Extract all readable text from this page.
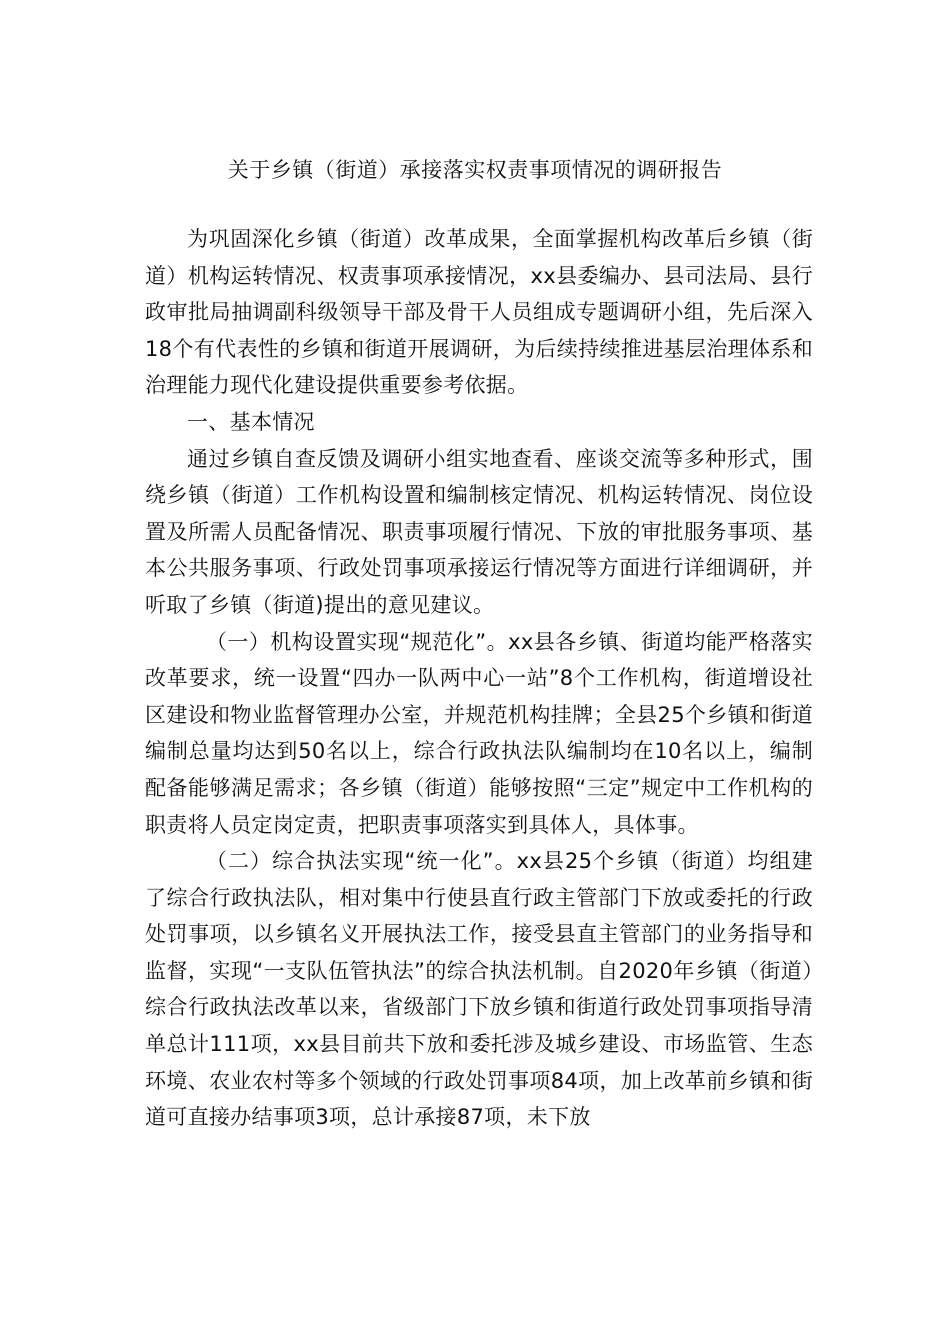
关于乡镇（街道）承接落实权责事项情况的调研报告

为巩固深化乡镇（街道）改革成果，全面掌握机构改革后乡镇（街道）机构运转情况、权责事项承接情况，xx县委编办、县司法局、县行政审批局抽调副科级领导干部及骨干人员组成专题调研小组，先后深入18个有代表性的乡镇和街道开展调研，为后续持续推进基层治理体系和治理能力现代化建设提供重要参考依据。

一、基本情况

通过乡镇自查反馈及调研小组实地查看、座谈交流等多种形式，围绕乡镇（街道）工作机构设置和编制核定情况、机构运转情况、岗位设置及所需人员配备情况、职责事项履行情况、下放的审批服务事项、基本公共服务事项、行政处罚事项承接运行情况等方面进行详细调研，并听取了乡镇（街道)提出的意见建议。

（一）机构设置实现“规范化”。xx县各乡镇、街道均能严格落实改革要求，统一设置“四办一队两中心一站”8个工作机构，街道增设社区建设和物业监督管理办公室，并规范机构挂牌；全县25个乡镇和街道编制总量均达到50名以上，综合行政执法队编制均在10名以上，编制配备能够满足需求；各乡镇（街道）能够按照“三定”规定中工作机构的职责将人员定岗定责，把职责事项落实到具体人，具体事。

（二）综合执法实现“统一化”。xx县25个乡镇（街道）均组建了综合行政执法队，相对集中行使县直行政主管部门下放或委托的行政处罚事项，以乡镇名义开展执法工作，接受县直主管部门的业务指导和监督，实现“一支队伍管执法”的综合执法机制。自2020年乡镇（街道）综合行政执法改革以来，省级部门下放乡镇和街道行政处罚事项指导清单总计111项，xx县目前共下放和委托涉及城乡建设、市场监管、生态环境、农业农村等多个领域的行政处罚事项84项，加上改革前乡镇和街道可直接办结事项3项，总计承接87项，未下放
